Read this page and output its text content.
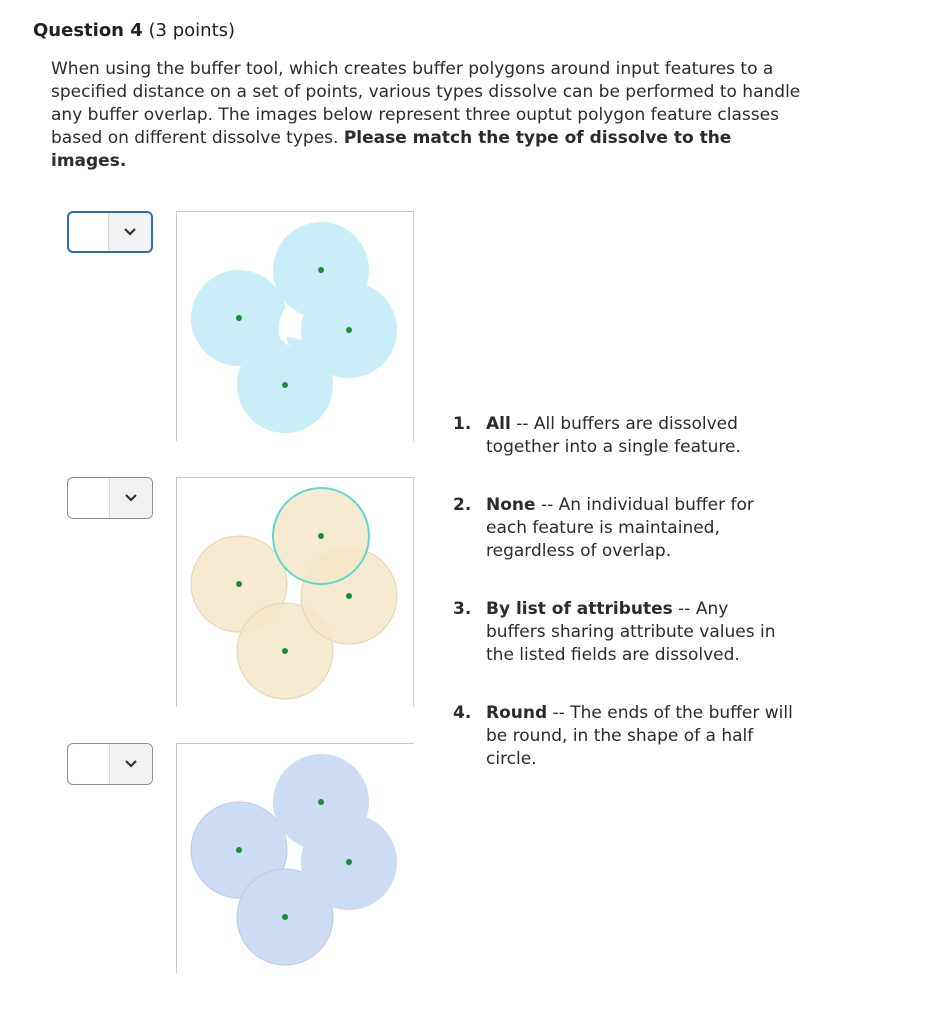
Question 4 (3 points)
When using the buffer tool, which creates buffer polygons around input features to a specified distance on a set of points, various types dissolve can be performed to handle any buffer overlap. The images below represent three ouptut polygon feature classes based on different dissolve types. Please match the type of dissolve to the images.
1. All -- All buffers are dissolved together into a single feature.
2. None -- An individual buffer for each feature is maintained, regardless of overlap.
3. By list of attributes -- Any buffers sharing attribute values in the listed fields are dissolved.
4. Round -- The ends of the buffer will be round, in the shape of a half circle.
